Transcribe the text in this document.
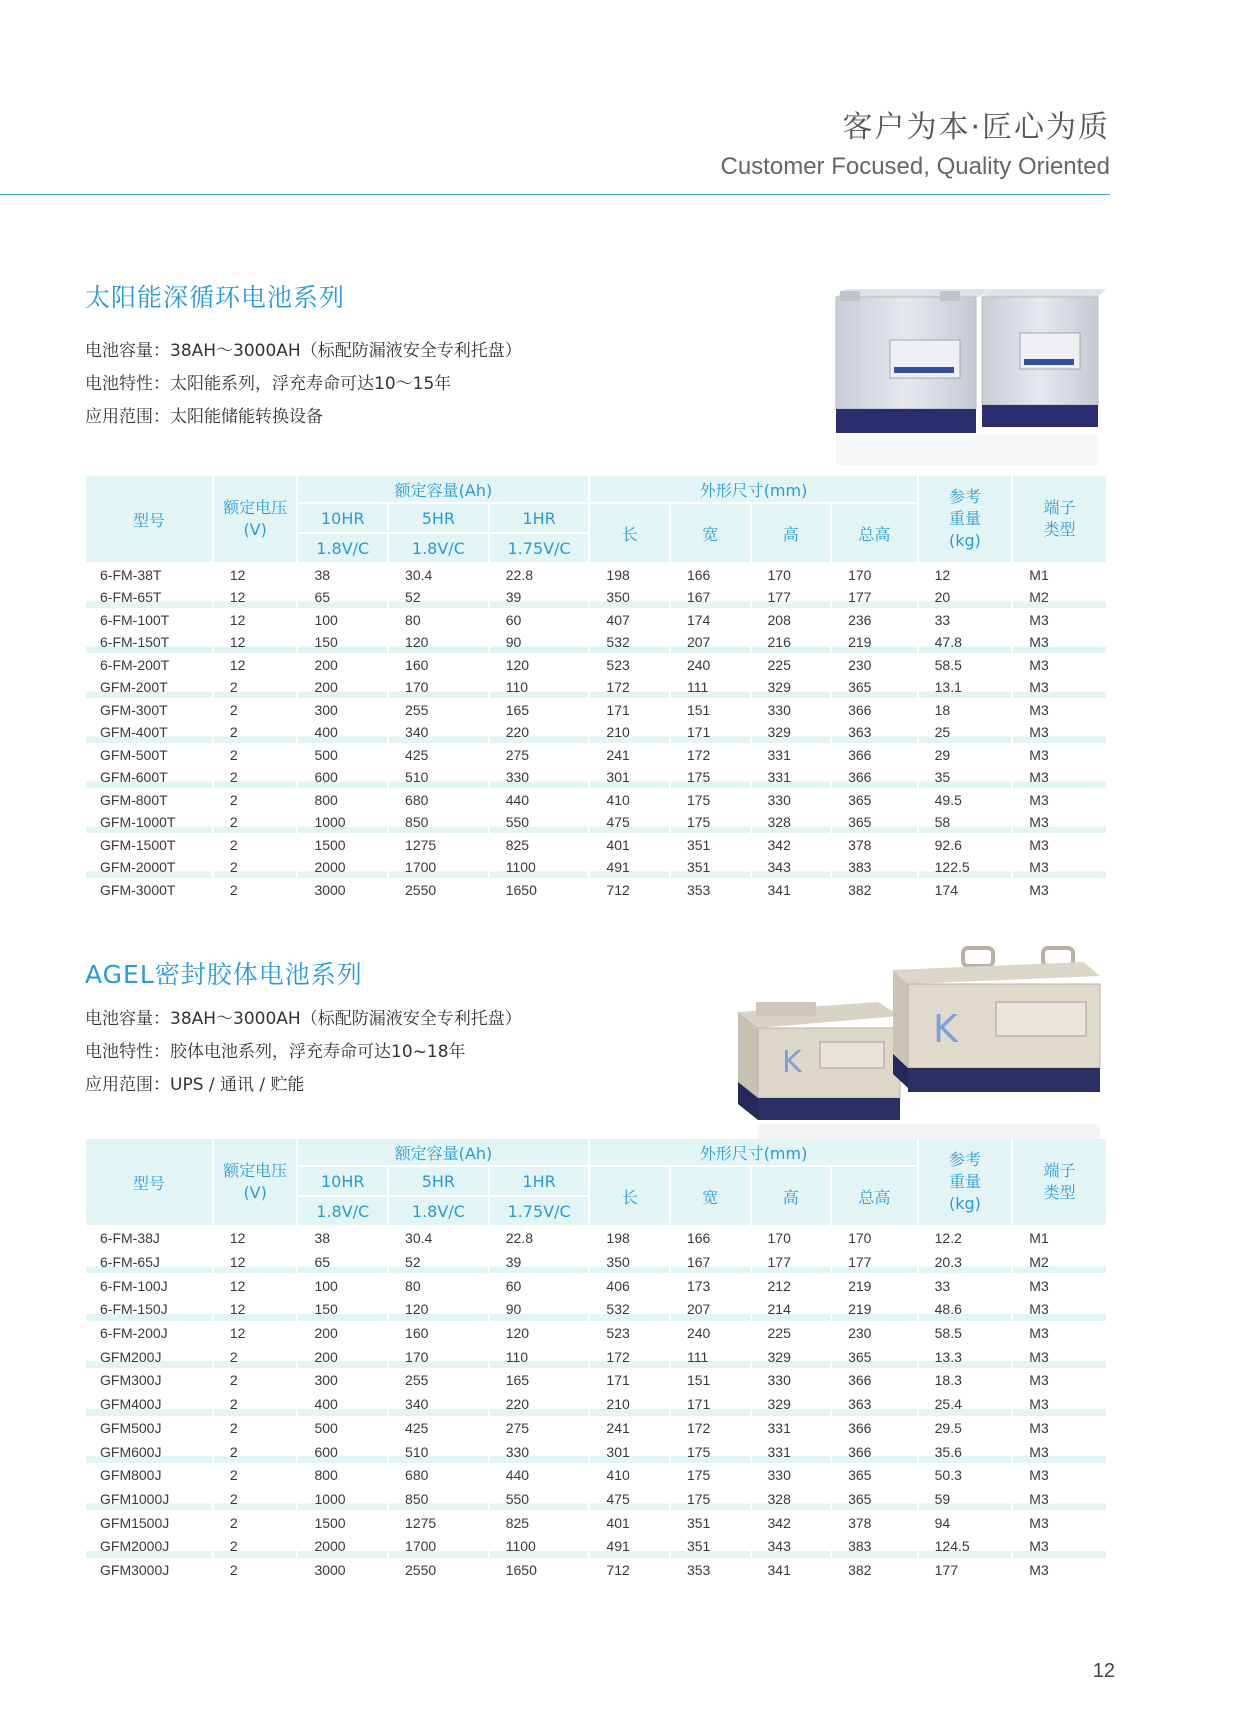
客户为本·匠心为质
Customer Focused, Quality Oriented
太阳能深循环电池系列
电池容量：38AH～3000AH（标配防漏液安全专利托盘）
电池特性：太阳能系列，浮充寿命可达10～15年
应用范围：太阳能储能转换设备
型号	额定电压
(V)	额定容量(Ah)			外形尺寸(mm)				参考
重量
(kg)	端子
类型
		10HR	5HR	1HR	长	宽	高	总高		
		1.8V/C	1.8V/C	1.75V/C						
6-FM-38T	12	38	30.4	22.8	198	166	170	170	12	M1
6-FM-65T	12	65	52	39	350	167	177	177	20	M2
6-FM-100T	12	100	80	60	407	174	208	236	33	M3
6-FM-150T	12	150	120	90	532	207	216	219	47.8	M3
6-FM-200T	12	200	160	120	523	240	225	230	58.5	M3
GFM-200T	2	200	170	110	172	111	329	365	13.1	M3
GFM-300T	2	300	255	165	171	151	330	366	18	M3
GFM-400T	2	400	340	220	210	171	329	363	25	M3
GFM-500T	2	500	425	275	241	172	331	366	29	M3
GFM-600T	2	600	510	330	301	175	331	366	35	M3
GFM-800T	2	800	680	440	410	175	330	365	49.5	M3
GFM-1000T	2	1000	850	550	475	175	328	365	58	M3
GFM-1500T	2	1500	1275	825	401	351	342	378	92.6	M3
GFM-2000T	2	2000	1700	1100	491	351	343	383	122.5	M3
GFM-3000T	2	3000	2550	1650	712	353	341	382	174	M3
AGEL密封胶体电池系列
电池容量：38AH～3000AH（标配防漏液安全专利托盘）
电池特性：胶体电池系列，浮充寿命可达10~18年
应用范围：UPS / 通讯 / 贮能
K
K
型号	额定电压
(V)	额定容量(Ah)			外形尺寸(mm)				参考
重量
(kg)	端子
类型
		10HR	5HR	1HR	长	宽	高	总高		
		1.8V/C	1.8V/C	1.75V/C						
6-FM-38J	12	38	30.4	22.8	198	166	170	170	12.2	M1
6-FM-65J	12	65	52	39	350	167	177	177	20.3	M2
6-FM-100J	12	100	80	60	406	173	212	219	33	M3
6-FM-150J	12	150	120	90	532	207	214	219	48.6	M3
6-FM-200J	12	200	160	120	523	240	225	230	58.5	M3
GFM200J	2	200	170	110	172	111	329	365	13.3	M3
GFM300J	2	300	255	165	171	151	330	366	18.3	M3
GFM400J	2	400	340	220	210	171	329	363	25.4	M3
GFM500J	2	500	425	275	241	172	331	366	29.5	M3
GFM600J	2	600	510	330	301	175	331	366	35.6	M3
GFM800J	2	800	680	440	410	175	330	365	50.3	M3
GFM1000J	2	1000	850	550	475	175	328	365	59	M3
GFM1500J	2	1500	1275	825	401	351	342	378	94	M3
GFM2000J	2	2000	1700	1100	491	351	343	383	124.5	M3
GFM3000J	2	3000	2550	1650	712	353	341	382	177	M3
12
